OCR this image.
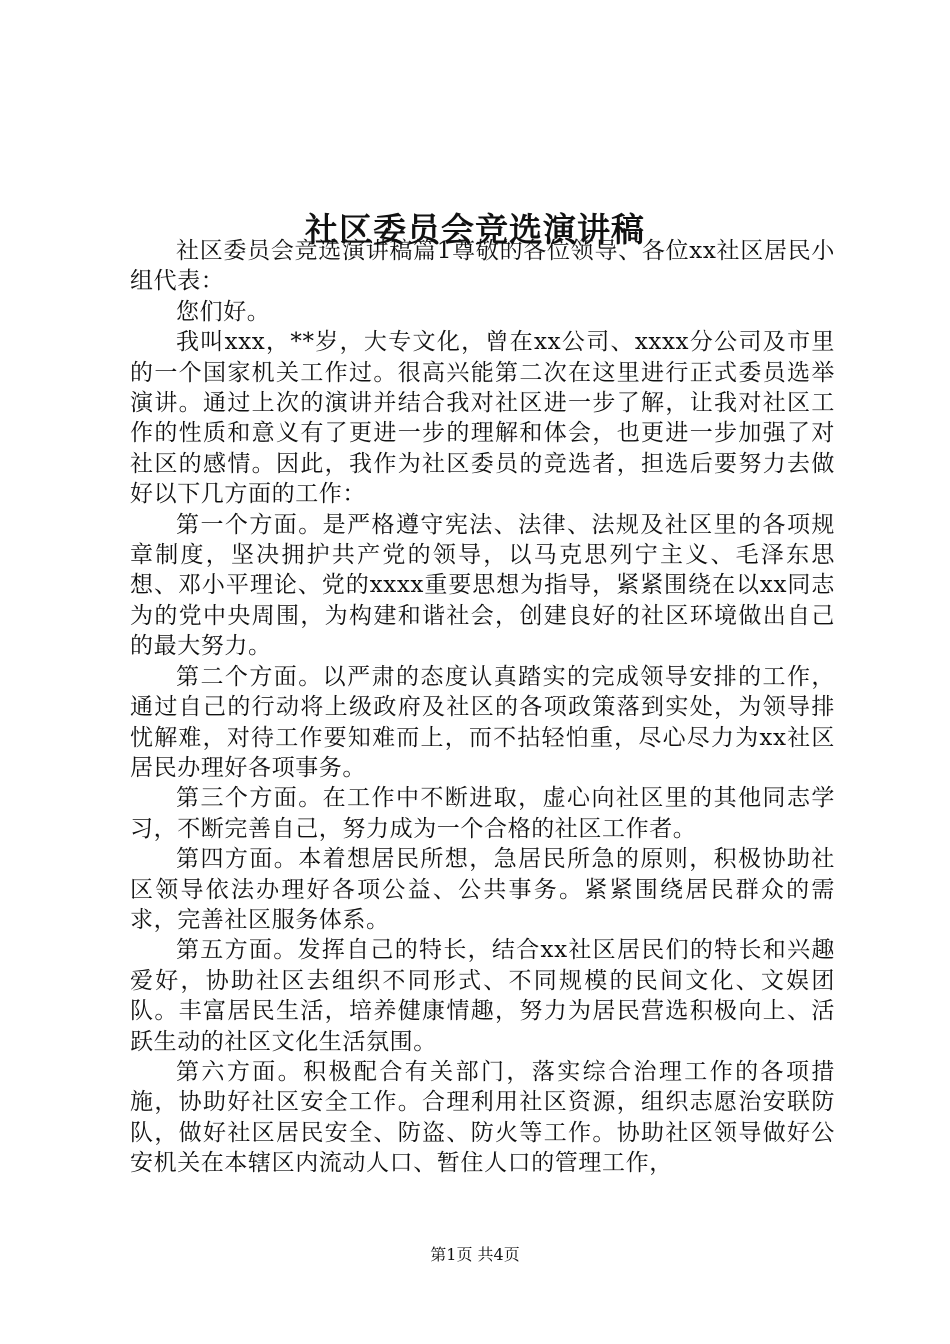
社区委员会竞选演讲稿

社区委员会竞选演讲稿篇1尊敬的各位领导、各位xx社区居民小组代表：

您们好。

我叫xxx，**岁，大专文化，曾在xx公司、xxxx分公司及市里的一个国家机关工作过。很高兴能第二次在这里进行正式委员选举演讲。通过上次的演讲并结合我对社区进一步了解，让我对社区工作的性质和意义有了更进一步的理解和体会，也更进一步加强了对社区的感情。因此，我作为社区委员的竞选者，担选后要努力去做好以下几方面的工作：

第一个方面。是严格遵守宪法、法律、法规及社区里的各项规章制度，坚决拥护共产党的领导，以马克思列宁主义、毛泽东思想、邓小平理论、党的xxxx重要思想为指导，紧紧围绕在以xx同志为的党中央周围，为构建和谐社会，创建良好的社区环境做出自己的最大努力。

第二个方面。以严肃的态度认真踏实的完成领导安排的工作，通过自己的行动将上级政府及社区的各项政策落到实处，为领导排忧解难，对待工作要知难而上，而不拈轻怕重，尽心尽力为xx社区居民办理好各项事务。

第三个方面。在工作中不断进取，虚心向社区里的其他同志学习，不断完善自己，努力成为一个合格的社区工作者。

第四方面。本着想居民所想，急居民所急的原则，积极协助社区领导依法办理好各项公益、公共事务。紧紧围绕居民群众的需求，完善社区服务体系。

第五方面。发挥自己的特长，结合xx社区居民们的特长和兴趣爱好，协助社区去组织不同形式、不同规模的民间文化、文娱团队。丰富居民生活，培养健康情趣，努力为居民营选积极向上、活跃生动的社区文化生活氛围。

第六方面。积极配合有关部门，落实综合治理工作的各项措施，协助好社区安全工作。合理利用社区资源，组织志愿治安联防队，做好社区居民安全、防盗、防火等工作。协助社区领导做好公安机关在本辖区内流动人口、暂住人口的管理工作，

第1页 共4页
